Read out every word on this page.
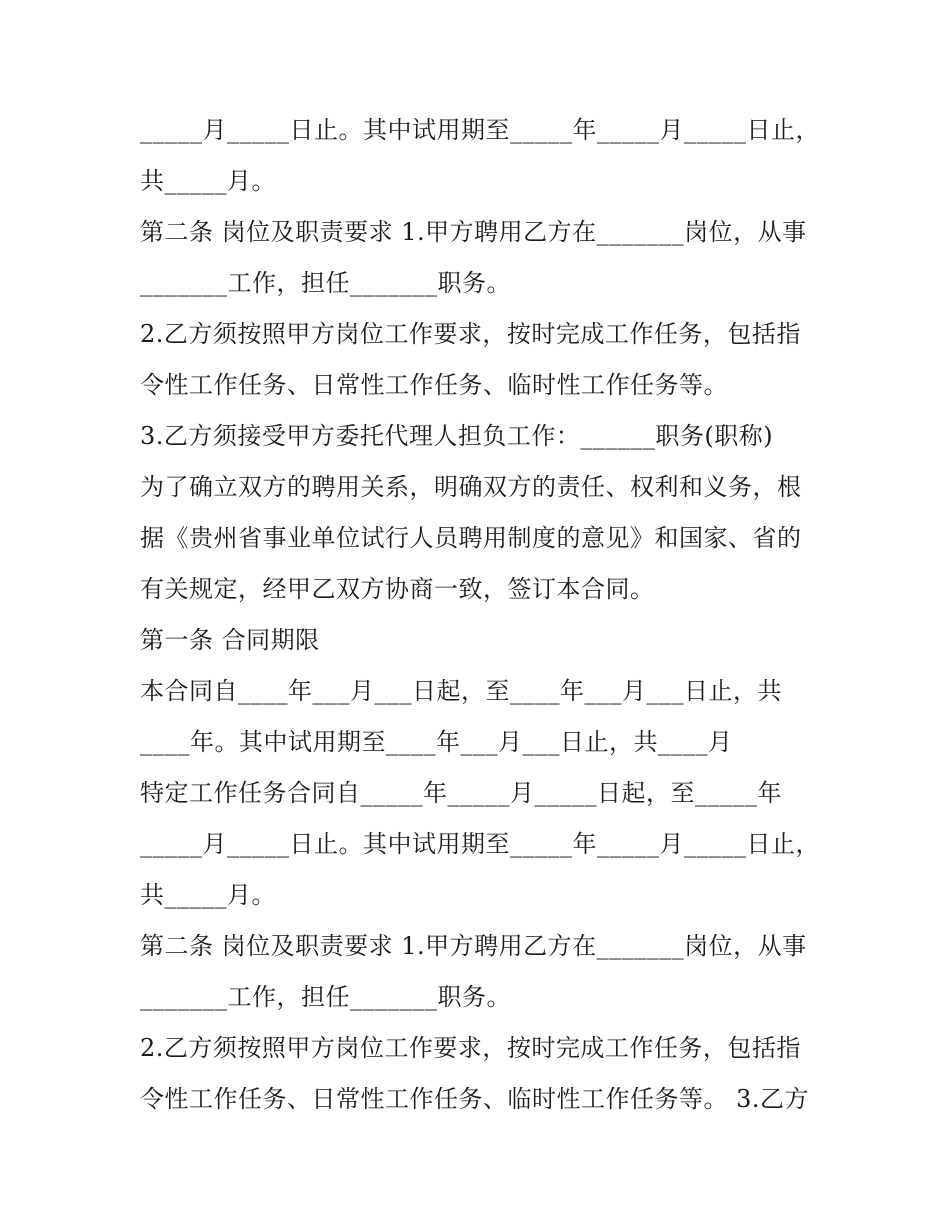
_____月_____日止。其中试用期至_____年_____月_____日止，
共_____月。
第二条 岗位及职责要求 1.甲方聘用乙方在_______岗位，从事
_______工作，担任_______职务。
2.乙方须按照甲方岗位工作要求，按时完成工作任务，包括指
令性工作任务、日常性工作任务、临时性工作任务等。
3.乙方须接受甲方委托代理人担负工作：______职务(职称)
为了确立双方的聘用关系，明确双方的责任、权利和义务，根
据《贵州省事业单位试行人员聘用制度的意见》和国家、省的
有关规定，经甲乙双方协商一致，签订本合同。
第一条 合同期限
本合同自____年___月___日起，至____年___月___日止，共
____年。其中试用期至____年___月___日止，共____月
特定工作任务合同自_____年_____月_____日起，至_____年
_____月_____日止。其中试用期至_____年_____月_____日止，
共_____月。
第二条 岗位及职责要求 1.甲方聘用乙方在_______岗位，从事
_______工作，担任_______职务。
2.乙方须按照甲方岗位工作要求，按时完成工作任务，包括指
令性工作任务、日常性工作任务、临时性工作任务等。 3.乙方
